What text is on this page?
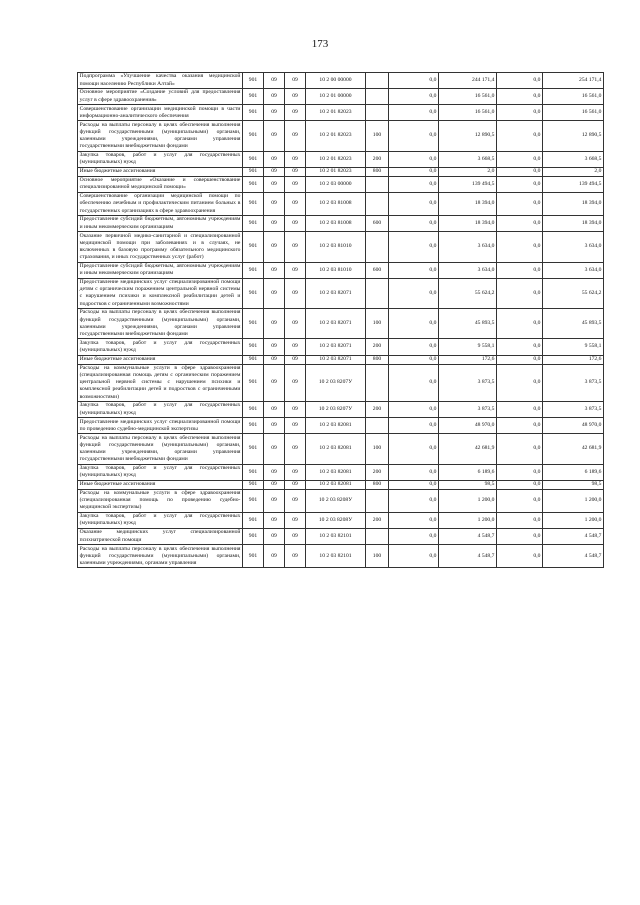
173
Подпрограмма «Улучшение качества оказания медицинской помощи населению Республики Алтай»	901	09	09	10 2 00 00000		0,0	244 171,4	0,0	254 171,4
Основное мероприятие «Создание условий для предоставления услуг в сфере здравоохранения»	901	09	09	10 2 01 00000		0,0	16 561,0	0,0	16 561,0
Совершенствование организации медицинской помощи в части информационно-аналитического обеспечения	901	09	09	10 2 01 82023		0,0	16 561,0	0,0	16 561,0
Расходы на выплаты персоналу в целях обеспечения выполнения функций государственными (муниципальными) органами, казенными учреждениями, органами управления государственными внебюджетными фондами	901	09	09	10 2 01 82023	100	0,0	12 890,5	0,0	12 890,5
Закупка товаров, работ и услуг для государственных (муниципальных) нужд	901	09	09	10 2 01 82023	200	0,0	3 668,5	0,0	3 668,5
Иные бюджетные ассигнования	901	09	09	10 2 01 82023	800	0,0	2,0	0,0	2,0
Основное мероприятие «Оказание и совершенствование специализированной медицинской помощи»	901	09	09	10 2 03 00000		0,0	139 494,5	0,0	139 494,5
Совершенствование организации медицинской помощи по обеспечению лечебным и профилактическим питанием больных в государственных организациях в сфере здравоохранения	901	09	09	10 2 03 81008		0,0	18 394,0	0,0	18 394,0
Предоставление субсидий бюджетным, автономным учреждениям и иным некоммерческим организациям	901	09	09	10 2 03 81008	600	0,0	18 394,0	0,0	18 394,0
Оказание первичной медико-санитарной и специализированной медицинской помощи при заболеваниях и в случаях, не включенных в базовую программу обязательного медицинского страхования, и иных государственных услуг (работ)	901	09	09	10 2 03 81010		0,0	3 634,0	0,0	3 634,0
Предоставление субсидий бюджетным, автономным учреждениям и иным некоммерческим организациям	901	09	09	10 2 03 81010	600	0,0	3 634,0	0,0	3 634,0
Предоставление медицинских услуг специализированной помощи детям с органическим поражением центральной нервной системы с нарушением психики и комплексной реабилитации детей и подростков с ограниченными возможностями	901	09	09	10 2 03 82071		0,0	55 624,2	0,0	55 624,2
Расходы на выплаты персоналу в целях обеспечения выполнения функций государственными (муниципальными) органами, казенными учреждениями, органами управления государственными внебюджетными фондами	901	09	09	10 2 03 82071	100	0,0	45 893,5	0,0	45 893,5
Закупка товаров, работ и услуг для государственных (муниципальных) нужд	901	09	09	10 2 03 82071	200	0,0	9 558,1	0,0	9 558,1
Иные бюджетные ассигнования	901	09	09	10 2 03 82071	800	0,0	172,6	0,0	172,6
Расходы на коммунальные услуги в сфере здравоохранения (специализированная помощь детям с органическим поражением центральной нервной системы с нарушением психики и комплексной реабилитации детей и подростков с ограниченными возможностями)	901	09	09	10 2 03 8207У		0,0	3 873,5	0,0	3 873,5
Закупка товаров, работ и услуг для государственных (муниципальных) нужд	901	09	09	10 2 03 8207У	200	0,0	3 873,5	0,0	3 873,5
Предоставление медицинских услуг специализированной помощи по проведению судебно-медицинской экспертизы	901	09	09	10 2 03 82081		0,0	48 970,0	0,0	48 970,0
Расходы на выплаты персоналу в целях обеспечения выполнения функций государственными (муниципальными) органами, казенными учреждениями, органами управления государственными внебюджетными фондами	901	09	09	10 2 03 82081	100	0,0	42 681,9	0,0	42 681,9
Закупка товаров, работ и услуг для государственных (муниципальных) нужд	901	09	09	10 2 03 82081	200	0,0	6 189,6	0,0	6 189,6
Иные бюджетные ассигнования	901	09	09	10 2 03 82081	800	0,0	98,5	0,0	98,5
Расходы на коммунальные услуги в сфере здравоохранения (специализированная помощь по проведению судебно-медицинской экспертизы)	901	09	09	10 2 03 8208У		0,0	1 200,0	0,0	1 200,0
Закупка товаров, работ и услуг для государственных (муниципальных) нужд	901	09	09	10 2 03 8208У	200	0,0	1 200,0	0,0	1 200,0
Оказание медицинских услуг специализированной психиатрической помощи	901	09	09	10 2 03 82101		0,0	4 548,7	0,0	4 548,7
Расходы на выплаты персоналу в целях обеспечения выполнения функций государственными (муниципальными) органами, казенными учреждениями, органами управления	901	09	09	10 2 03 82101	100	0,0	4 548,7	0,0	4 548,7
